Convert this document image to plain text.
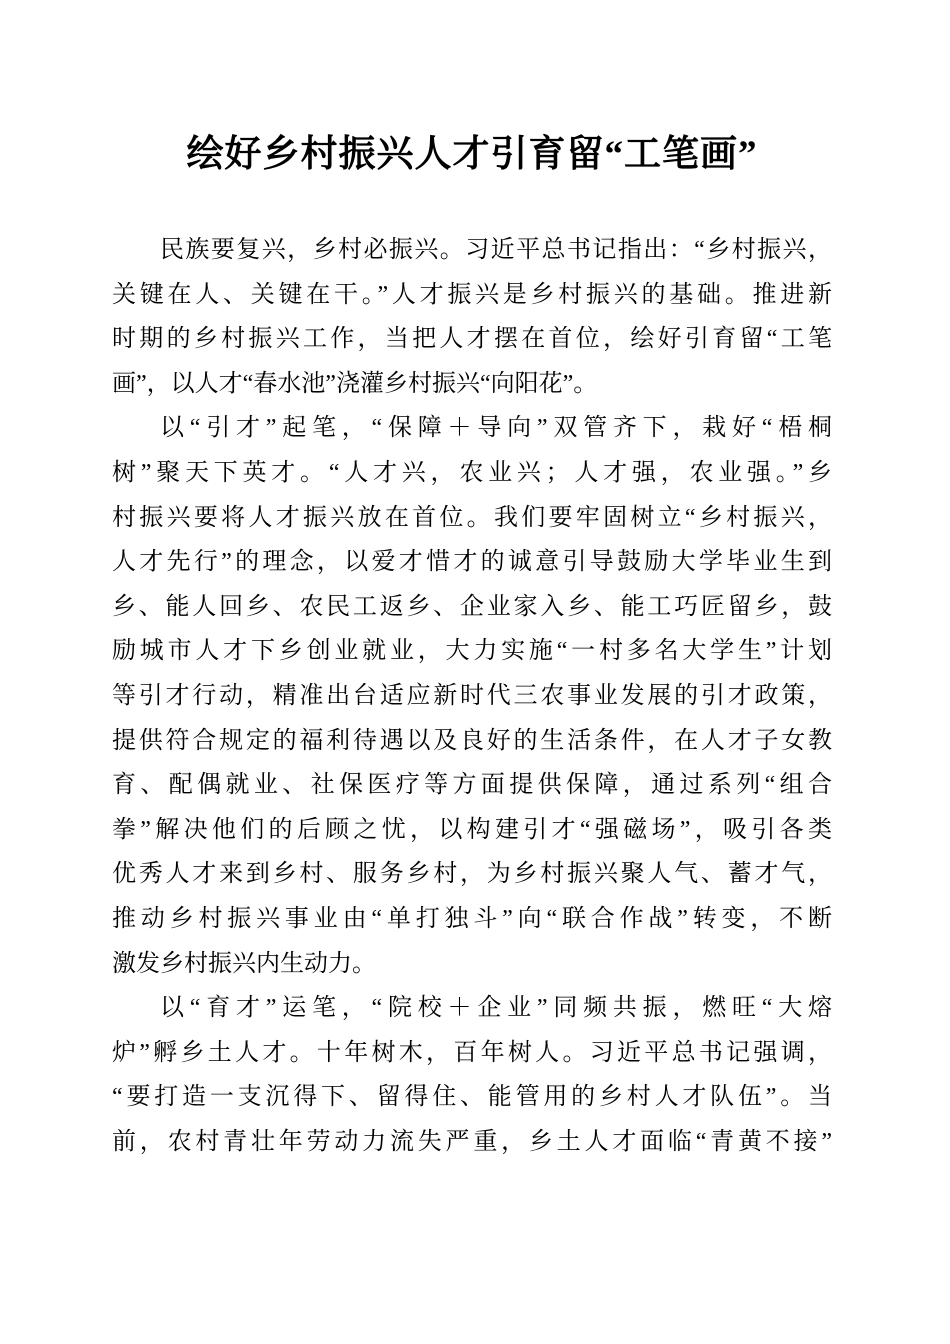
绘好乡村振兴人才引育留“工笔画”
民族要复兴，乡村必振兴。习近平总书记指出：“乡村振兴，
关键在人、关键在干。”人才振兴是乡村振兴的基础。推进新
时期的乡村振兴工作，当把人才摆在首位，绘好引育留“工笔
画”，以人才“春水池”浇灌乡村振兴“向阳花”。
以“引才”起笔，“保障＋导向”双管齐下，栽好“梧桐
树”聚天下英才。“人才兴，农业兴；人才强，农业强。”乡
村振兴要将人才振兴放在首位。我们要牢固树立“乡村振兴，
人才先行”的理念，以爱才惜才的诚意引导鼓励大学毕业生到
乡、能人回乡、农民工返乡、企业家入乡、能工巧匠留乡，鼓
励城市人才下乡创业就业，大力实施“一村多名大学生”计划
等引才行动，精准出台适应新时代三农事业发展的引才政策，
提供符合规定的福利待遇以及良好的生活条件，在人才子女教
育、配偶就业、社保医疗等方面提供保障，通过系列“组合
拳”解决他们的后顾之忧，以构建引才“强磁场”，吸引各类
优秀人才来到乡村、服务乡村，为乡村振兴聚人气、蓄才气，
推动乡村振兴事业由“单打独斗”向“联合作战”转变，不断
激发乡村振兴内生动力。
以“育才”运笔，“院校＋企业”同频共振，燃旺“大熔
炉”孵乡土人才。十年树木，百年树人。习近平总书记强调，
“要打造一支沉得下、留得住、能管用的乡村人才队伍”。当
前，农村青壮年劳动力流失严重，乡土人才面临“青黄不接”
